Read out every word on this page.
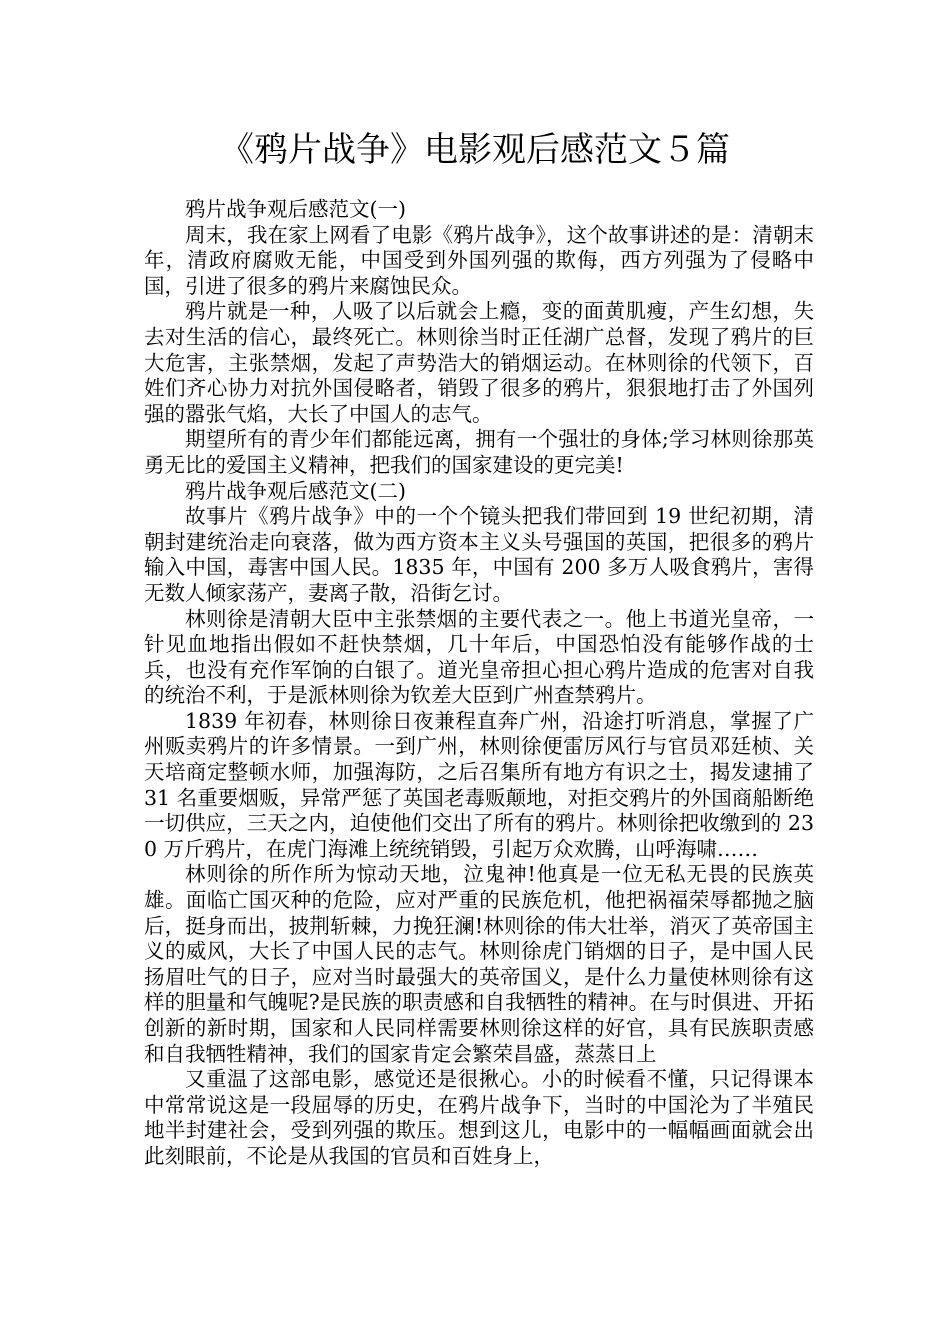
《鸦片战争》电影观后感范文５篇

鸦片战争观后感范文(一)

周末，我在家上网看了电影《鸦片战争》，这个故事讲述的是：清朝末年，清政府腐败无能，中国受到外国列强的欺侮，西方列强为了侵略中国，引进了很多的鸦片来腐蚀民众。

鸦片就是一种，人吸了以后就会上瘾，变的面黄肌瘦，产生幻想，失去对生活的信心，最终死亡。林则徐当时正任湖广总督，发现了鸦片的巨大危害，主张禁烟，发起了声势浩大的销烟运动。在林则徐的代领下，百姓们齐心协力对抗外国侵略者，销毁了很多的鸦片，狠狠地打击了外国列强的嚣张气焰，大长了中国人的志气。

期望所有的青少年们都能远离，拥有一个强壮的身体;学习林则徐那英勇无比的爱国主义精神，把我们的国家建设的更完美!

鸦片战争观后感范文(二)

故事片《鸦片战争》中的一个个镜头把我们带回到 19 世纪初期，清朝封建统治走向衰落，做为西方资本主义头号强国的英国，把很多的鸦片输入中国，毒害中国人民。1835 年，中国有 200 多万人吸食鸦片，害得无数人倾家荡产，妻离子散，沿街乞讨。

林则徐是清朝大臣中主张禁烟的主要代表之一。他上书道光皇帝，一针见血地指出假如不赶快禁烟，几十年后，中国恐怕没有能够作战的士兵，也没有充作军饷的白银了。道光皇帝担心担心鸦片造成的危害对自我的统治不利，于是派林则徐为钦差大臣到广州查禁鸦片。

1839 年初春，林则徐日夜兼程直奔广州，沿途打听消息，掌握了广州贩卖鸦片的许多情景。一到广州，林则徐便雷厉风行与官员邓廷桢、关天培商定整顿水师，加强海防，之后召集所有地方有识之士，揭发逮捕了 31 名重要烟贩，异常严惩了英国老毒贩颠地，对拒交鸦片的外国商船断绝一切供应，三天之内，迫使他们交出了所有的鸦片。林则徐把收缴到的 230 万斤鸦片，在虎门海滩上统统销毁，引起万众欢腾，山呼海啸……

林则徐的所作所为惊动天地，泣鬼神!他真是一位无私无畏的民族英雄。面临亡国灭种的危险，应对严重的民族危机，他把祸福荣辱都抛之脑后，挺身而出，披荆斩棘，力挽狂澜!林则徐的伟大壮举，消灭了英帝国主义的威风，大长了中国人民的志气。林则徐虎门销烟的日子，是中国人民扬眉吐气的日子，应对当时最强大的英帝国义，是什么力量使林则徐有这样的胆量和气魄呢?是民族的职责感和自我牺牲的精神。在与时俱进、开拓创新的新时期，国家和人民同样需要林则徐这样的好官，具有民族职责感和自我牺牲精神，我们的国家肯定会繁荣昌盛，蒸蒸日上

又重温了这部电影，感觉还是很揪心。小的时候看不懂，只记得课本中常常说这是一段屈辱的历史，在鸦片战争下，当时的中国沦为了半殖民地半封建社会，受到列强的欺压。想到这儿，电影中的一幅幅画面就会出此刻眼前，不论是从我国的官员和百姓身上，
